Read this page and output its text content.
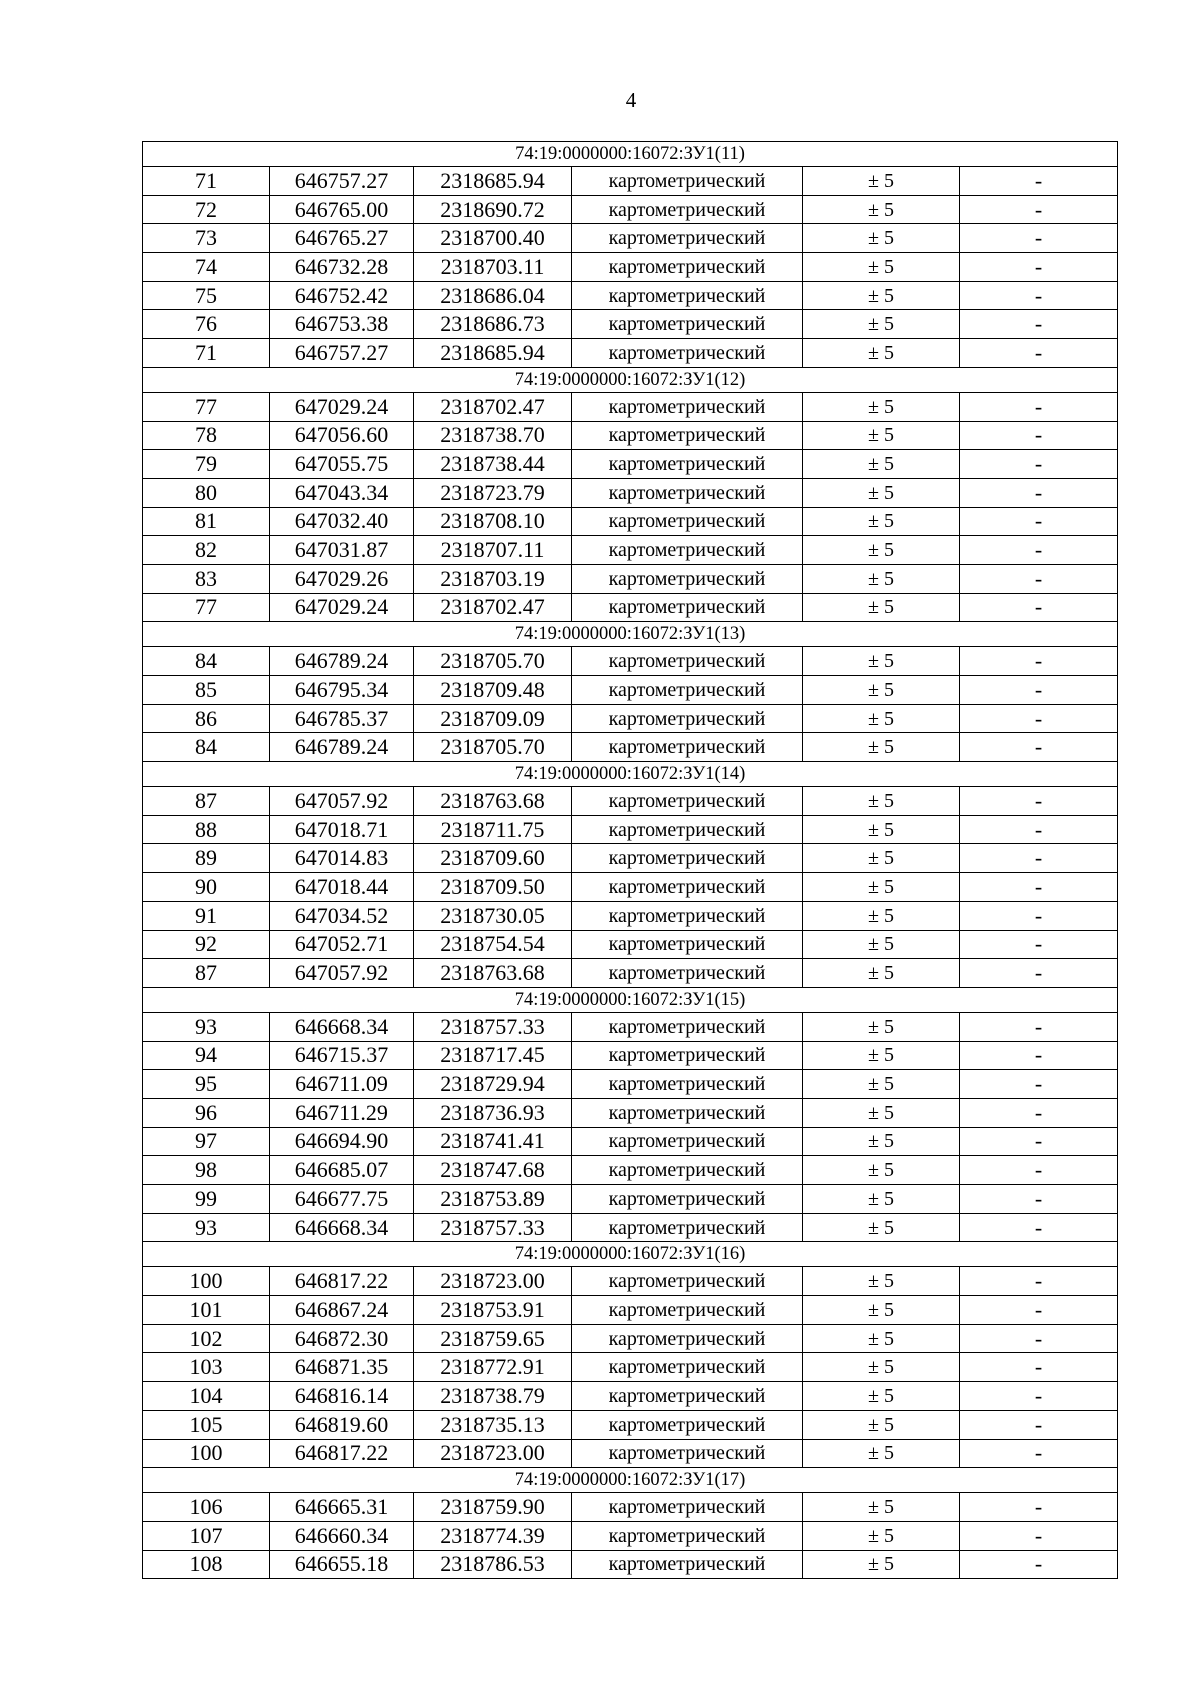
4
74:19:0000000:16072:ЗУ1(11)					
71	646757.27	2318685.94	картометрический	± 5	-
72	646765.00	2318690.72	картометрический	± 5	-
73	646765.27	2318700.40	картометрический	± 5	-
74	646732.28	2318703.11	картометрический	± 5	-
75	646752.42	2318686.04	картометрический	± 5	-
76	646753.38	2318686.73	картометрический	± 5	-
71	646757.27	2318685.94	картометрический	± 5	-
74:19:0000000:16072:ЗУ1(12)					
77	647029.24	2318702.47	картометрический	± 5	-
78	647056.60	2318738.70	картометрический	± 5	-
79	647055.75	2318738.44	картометрический	± 5	-
80	647043.34	2318723.79	картометрический	± 5	-
81	647032.40	2318708.10	картометрический	± 5	-
82	647031.87	2318707.11	картометрический	± 5	-
83	647029.26	2318703.19	картометрический	± 5	-
77	647029.24	2318702.47	картометрический	± 5	-
74:19:0000000:16072:ЗУ1(13)					
84	646789.24	2318705.70	картометрический	± 5	-
85	646795.34	2318709.48	картометрический	± 5	-
86	646785.37	2318709.09	картометрический	± 5	-
84	646789.24	2318705.70	картометрический	± 5	-
74:19:0000000:16072:ЗУ1(14)					
87	647057.92	2318763.68	картометрический	± 5	-
88	647018.71	2318711.75	картометрический	± 5	-
89	647014.83	2318709.60	картометрический	± 5	-
90	647018.44	2318709.50	картометрический	± 5	-
91	647034.52	2318730.05	картометрический	± 5	-
92	647052.71	2318754.54	картометрический	± 5	-
87	647057.92	2318763.68	картометрический	± 5	-
74:19:0000000:16072:ЗУ1(15)					
93	646668.34	2318757.33	картометрический	± 5	-
94	646715.37	2318717.45	картометрический	± 5	-
95	646711.09	2318729.94	картометрический	± 5	-
96	646711.29	2318736.93	картометрический	± 5	-
97	646694.90	2318741.41	картометрический	± 5	-
98	646685.07	2318747.68	картометрический	± 5	-
99	646677.75	2318753.89	картометрический	± 5	-
93	646668.34	2318757.33	картометрический	± 5	-
74:19:0000000:16072:ЗУ1(16)					
100	646817.22	2318723.00	картометрический	± 5	-
101	646867.24	2318753.91	картометрический	± 5	-
102	646872.30	2318759.65	картометрический	± 5	-
103	646871.35	2318772.91	картометрический	± 5	-
104	646816.14	2318738.79	картометрический	± 5	-
105	646819.60	2318735.13	картометрический	± 5	-
100	646817.22	2318723.00	картометрический	± 5	-
74:19:0000000:16072:ЗУ1(17)					
106	646665.31	2318759.90	картометрический	± 5	-
107	646660.34	2318774.39	картометрический	± 5	-
108	646655.18	2318786.53	картометрический	± 5	-
